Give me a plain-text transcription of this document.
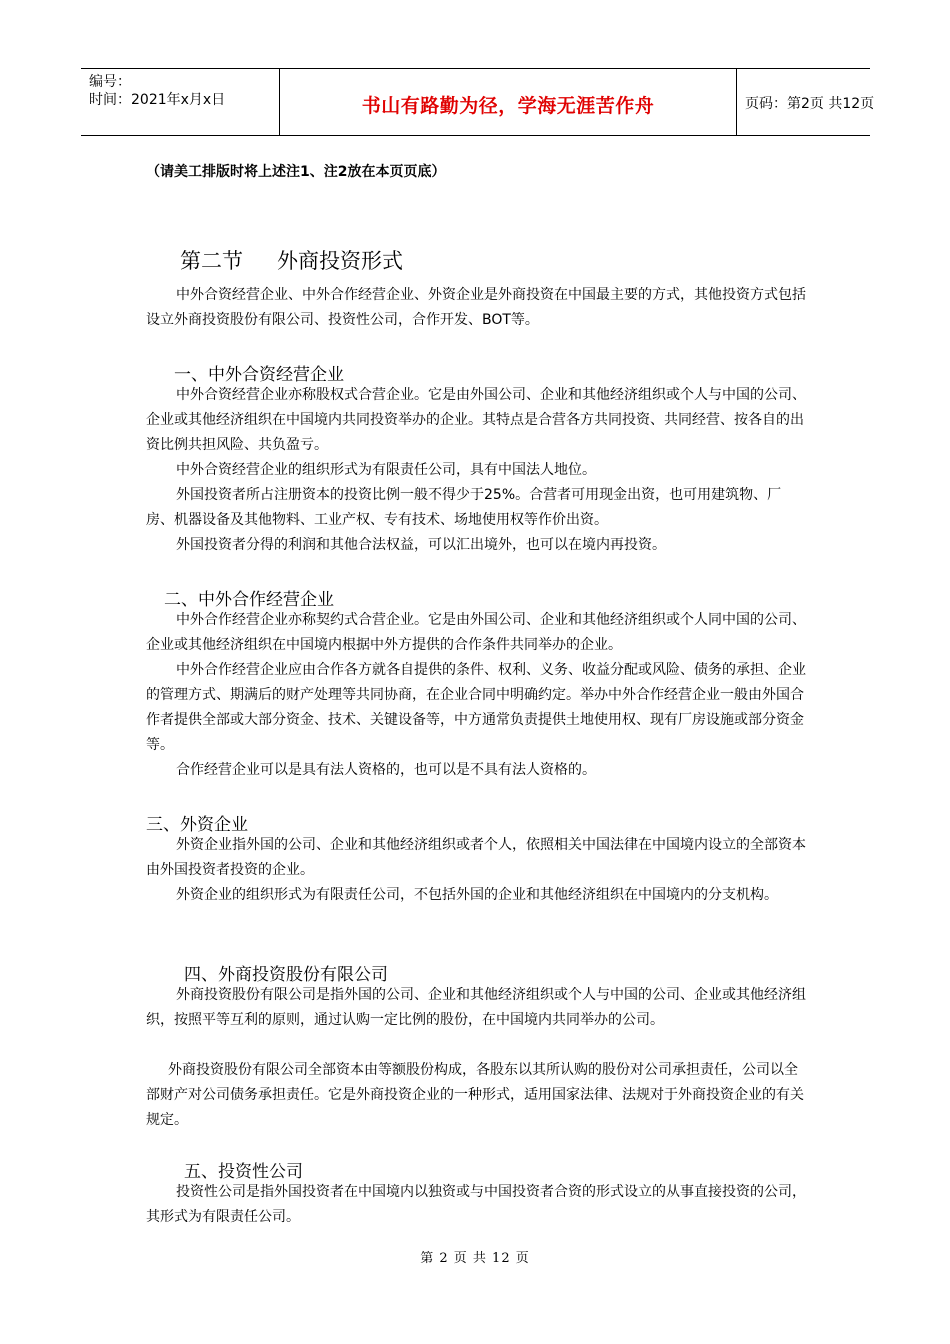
编号：
时间：2021年x月x日	书山有路勤为径，学海无涯苦作舟	页码：第2页 共12页
（请美工排版时将上述注1、注2放在本页页底）
第二节 外商投资形式

中外合资经营企业、中外合作经营企业、外资企业是外商投资在中国最主要的方式，其他投资方式包括设立外商投资股份有限公司、投资性公司，合作开发、BOT等。

一、中外合资经营企业

中外合资经营企业亦称股权式合营企业。它是由外国公司、企业和其他经济组织或个人与中国的公司、企业或其他经济组织在中国境内共同投资举办的企业。其特点是合营各方共同投资、共同经营、按各自的出资比例共担风险、共负盈亏。

中外合资经营企业的组织形式为有限责任公司，具有中国法人地位。

外国投资者所占注册资本的投资比例一般不得少于25%。合营者可用现金出资，也可用建筑物、厂房、机器设备及其他物料、工业产权、专有技术、场地使用权等作价出资。

外国投资者分得的利润和其他合法权益，可以汇出境外，也可以在境内再投资。

二、中外合作经营企业

中外合作经营企业亦称契约式合营企业。它是由外国公司、企业和其他经济组织或个人同中国的公司、企业或其他经济组织在中国境内根据中外方提供的合作条件共同举办的企业。

中外合作经营企业应由合作各方就各自提供的条件、权利、义务、收益分配或风险、债务的承担、企业的管理方式、期满后的财产处理等共同协商，在企业合同中明确约定。举办中外合作经营企业一般由外国合作者提供全部或大部分资金、技术、关键设备等，中方通常负责提供土地使用权、现有厂房设施或部分资金等。

合作经营企业可以是具有法人资格的，也可以是不具有法人资格的。

三、外资企业

外资企业指外国的公司、企业和其他经济组织或者个人，依照相关中国法律在中国境内设立的全部资本由外国投资者投资的企业。

外资企业的组织形式为有限责任公司，不包括外国的企业和其他经济组织在中国境内的分支机构。

四、外商投资股份有限公司

外商投资股份有限公司是指外国的公司、企业和其他经济组织或个人与中国的公司、企业或其他经济组织，按照平等互利的原则，通过认购一定比例的股份，在中国境内共同举办的公司。

外商投资股份有限公司全部资本由等额股份构成，各股东以其所认购的股份对公司承担责任，公司以全部财产对公司债务承担责任。它是外商投资企业的一种形式，适用国家法律、法规对于外商投资企业的有关规定。

五、投资性公司

投资性公司是指外国投资者在中国境内以独资或与中国投资者合资的形式设立的从事直接投资的公司，其形式为有限责任公司。

第 2 页 共 12 页
